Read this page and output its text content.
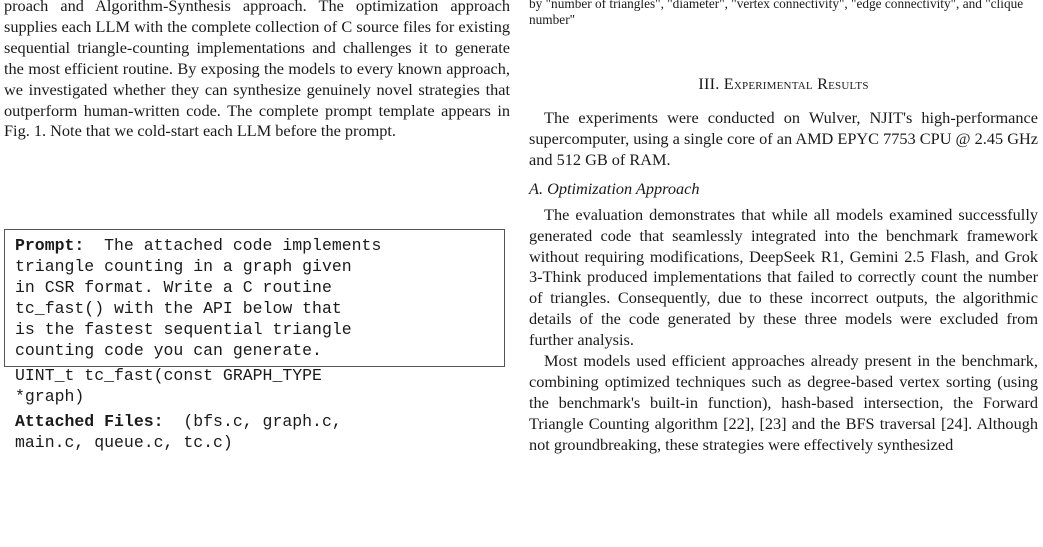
proach and Algorithm-Synthesis approach. The optimization approach supplies each LLM with the complete collection of C source files for existing sequential triangle-counting implementations and challenges it to generate the most efficient routine. By exposing the models to every known approach, we investigated whether they can synthesize genuinely novel strategies that outperform human-written code. The complete prompt template appears in Fig. 1. Note that we cold-start each LLM before the prompt.

Prompt:  The attached code implements
triangle counting in a graph given
in CSR format. Write a C routine
tc_fast() with the API below that
is the fastest sequential triangle
counting code you can generate.

UINT_t tc_fast(const GRAPH_TYPE
*graph)

Attached Files:  (bfs.c, graph.c,
main.c, queue.c, tc.c)

by "number of triangles", "diameter", "vertex connectivity", "edge connectivity", and "clique number"

III. Experimental Results

The experiments were conducted on Wulver, NJIT's high-performance supercomputer, using a single core of an AMD EPYC 7753 CPU @ 2.45 GHz and 512 GB of RAM.

A. Optimization Approach

The evaluation demonstrates that while all models examined successfully generated code that seamlessly integrated into the benchmark framework without requiring modifications, DeepSeek R1, Gemini 2.5 Flash, and Grok 3-Think produced implementations that failed to correctly count the number of triangles. Consequently, due to these incorrect outputs, the algorithmic details of the code generated by these three models were excluded from further analysis.

Most models used efficient approaches already present in the benchmark, combining optimized techniques such as degree-based vertex sorting (using the benchmark's built-in function), hash-based intersection, the Forward Triangle Counting algorithm [22], [23] and the BFS traversal [24]. Although not groundbreaking, these strategies were effectively synthesized
